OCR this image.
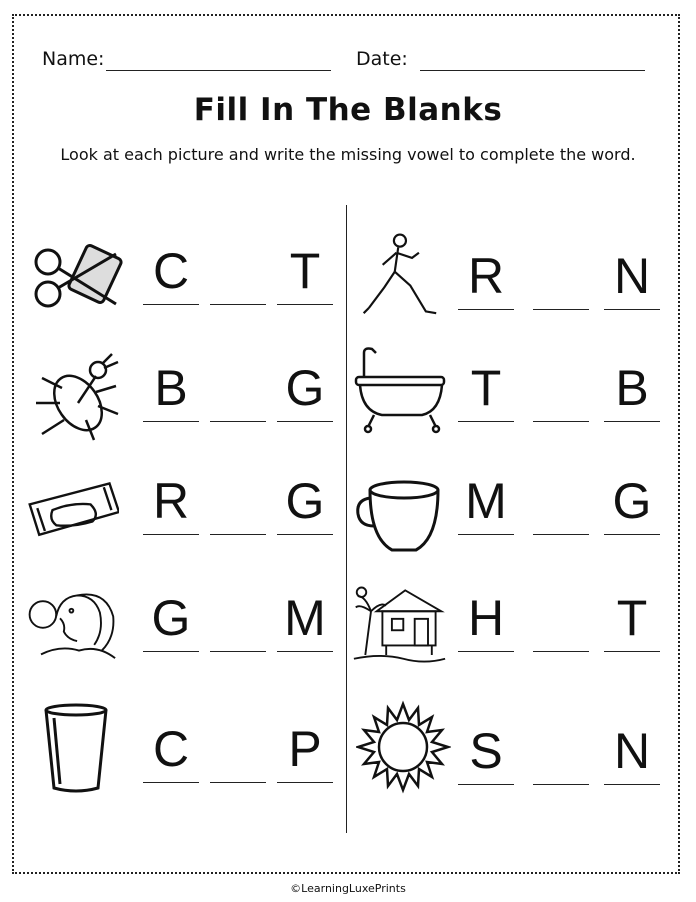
Name:	Date:
Fill In The Blanks
Look at each picture and write the missing vowel to complete the word.
C T
B G
R G
G M
C P
R N
T B
M G
H T
S N
©LearningLuxePrints
